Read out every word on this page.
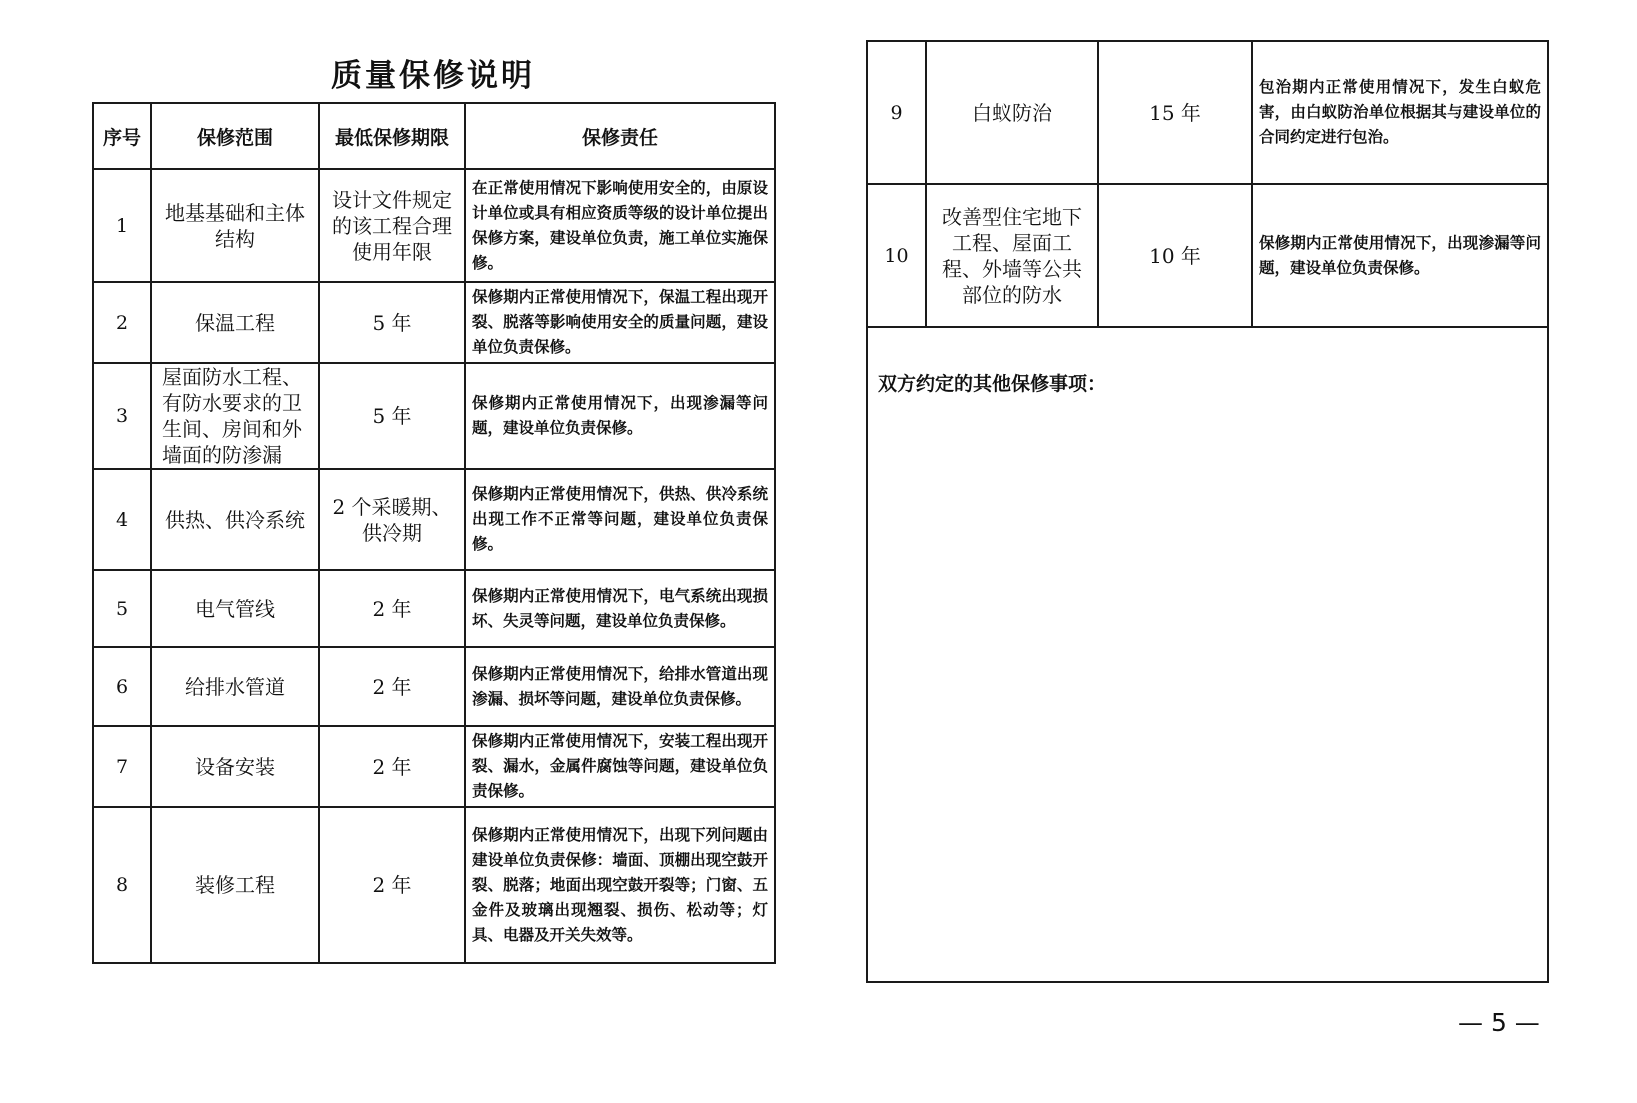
质量保修说明
序号	保修范围	最低保修期限	保修责任
1	地基基础和主体结构	设计文件规定的该工程合理使用年限	在正常使用情况下影响使用安全的，由原设计单位或具有相应资质等级的设计单位提出保修方案，建设单位负责，施工单位实施保修。
2	保温工程	5 年	保修期内正常使用情况下，保温工程出现开裂、脱落等影响使用安全的质量问题，建设单位负责保修。
3	屋面防水工程、有防水要求的卫生间、房间和外墙面的防渗漏	5 年	保修期内正常使用情况下，出现渗漏等问题，建设单位负责保修。
4	供热、供冷系统	2 个采暖期、供冷期	保修期内正常使用情况下，供热、供冷系统出现工作不正常等问题，建设单位负责保修。
5	电气管线	2 年	保修期内正常使用情况下，电气系统出现损坏、失灵等问题，建设单位负责保修。
6	给排水管道	2 年	保修期内正常使用情况下，给排水管道出现渗漏、损坏等问题，建设单位负责保修。
7	设备安装	2 年	保修期内正常使用情况下，安装工程出现开裂、漏水，金属件腐蚀等问题，建设单位负责保修。
8	装修工程	2 年	保修期内正常使用情况下，出现下列问题由建设单位负责保修：墙面、顶棚出现空鼓开裂、脱落；地面出现空鼓开裂等；门窗、五金件及玻璃出现翘裂、损伤、松动等；灯具、电器及开关失效等。
9	白蚁防治	15 年	包治期内正常使用情况下，发生白蚁危害，由白蚁防治单位根据其与建设单位的合同约定进行包治。
10	改善型住宅地下工程、屋面工程、外墙等公共部位的防水	10 年	保修期内正常使用情况下，出现渗漏等问题，建设单位负责保修。
双方约定的其他保修事项：
— 5 —
